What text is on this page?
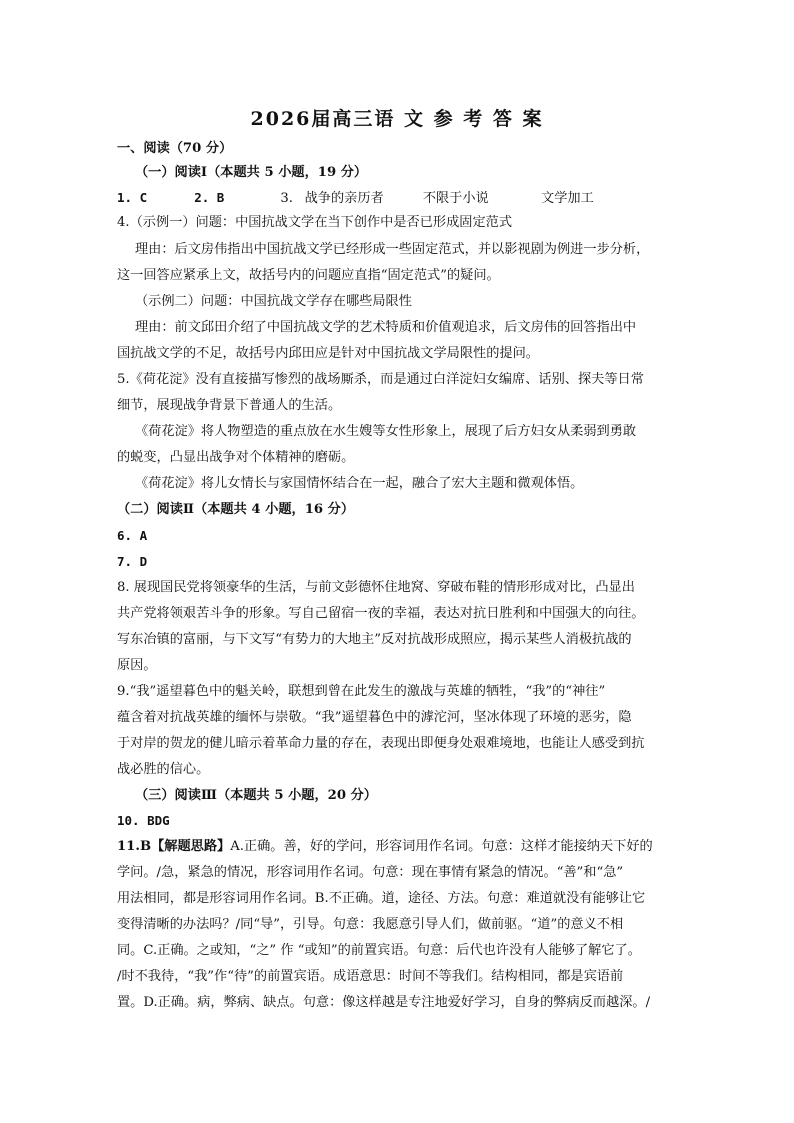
2026届高三语 文 参 考 答 案
一、阅读（70 分）
（一）阅读Ⅰ（本题共 5 小题，19 分）
1. C	2. B	3. 战争的亲历者	不限于小说	文学加工
4.（示例一）问题：中国抗战文学在当下创作中是否已形成固定范式
理由：后文房伟指出中国抗战文学已经形成一些固定范式，并以影视剧为例进一步分析，
这一回答应紧承上文，故括号内的问题应直指“固定范式”的疑问。
（示例二）问题：中国抗战文学存在哪些局限性
理由：前文邱田介绍了中国抗战文学的艺术特质和价值观追求，后文房伟的回答指出中
国抗战文学的不足，故括号内邱田应是针对中国抗战文学局限性的提问。
5.《荷花淀》没有直接描写惨烈的战场厮杀，而是通过白洋淀妇女编席、话别、探夫等日常
细节，展现战争背景下普通人的生活。
《荷花淀》将人物塑造的重点放在水生嫂等女性形象上，展现了后方妇女从柔弱到勇敢
的蜕变，凸显出战争对个体精神的磨砺。
《荷花淀》将儿女情长与家国情怀结合在一起，融合了宏大主题和微观体悟。
（二）阅读Ⅱ（本题共 4 小题，16 分）
6. A
7. D
8. 展现国民党将领豪华的生活，与前文彭德怀住地窝、穿破布鞋的情形形成对比，凸显出
共产党将领艰苦斗争的形象。写自己留宿一夜的幸福，表达对抗日胜利和中国强大的向往。
写东冶镇的富丽，与下文写“有势力的大地主”反对抗战形成照应，揭示某些人消极抗战的
原因。
9.“我”遥望暮色中的魁关岭，联想到曾在此发生的激战与英雄的牺牲，“我”的“神往”
蕴含着对抗战英雄的缅怀与崇敬。“我”遥望暮色中的滹沱河，坚冰体现了环境的恶劣，隐
于对岸的贺龙的健儿暗示着革命力量的存在，表现出即便身处艰难境地，也能让人感受到抗
战必胜的信心。
（三）阅读Ⅲ（本题共 5 小题，20 分）
10. BDG
11.B【解题思路】A.正确。善，好的学问，形容词用作名词。句意：这样才能接纳天下好的
学问。/急，紧急的情况，形容词用作名词。句意：现在事情有紧急的情况。“善”和“急”
用法相同，都是形容词用作名词。B.不正确。道，途径、方法。句意：难道就没有能够让它
变得清晰的办法吗？/同“导”，引导。句意：我愿意引导人们，做前驱。“道”的意义不相
同。C.正确。之或知，“之” 作 “或知”的前置宾语。句意：后代也许没有人能够了解它了。
/时不我待，“我”作“待”的前置宾语。成语意思：时间不等我们。结构相同，都是宾语前
置。D.正确。病，弊病、缺点。句意：像这样越是专注地爱好学习，自身的弊病反而越深。/
